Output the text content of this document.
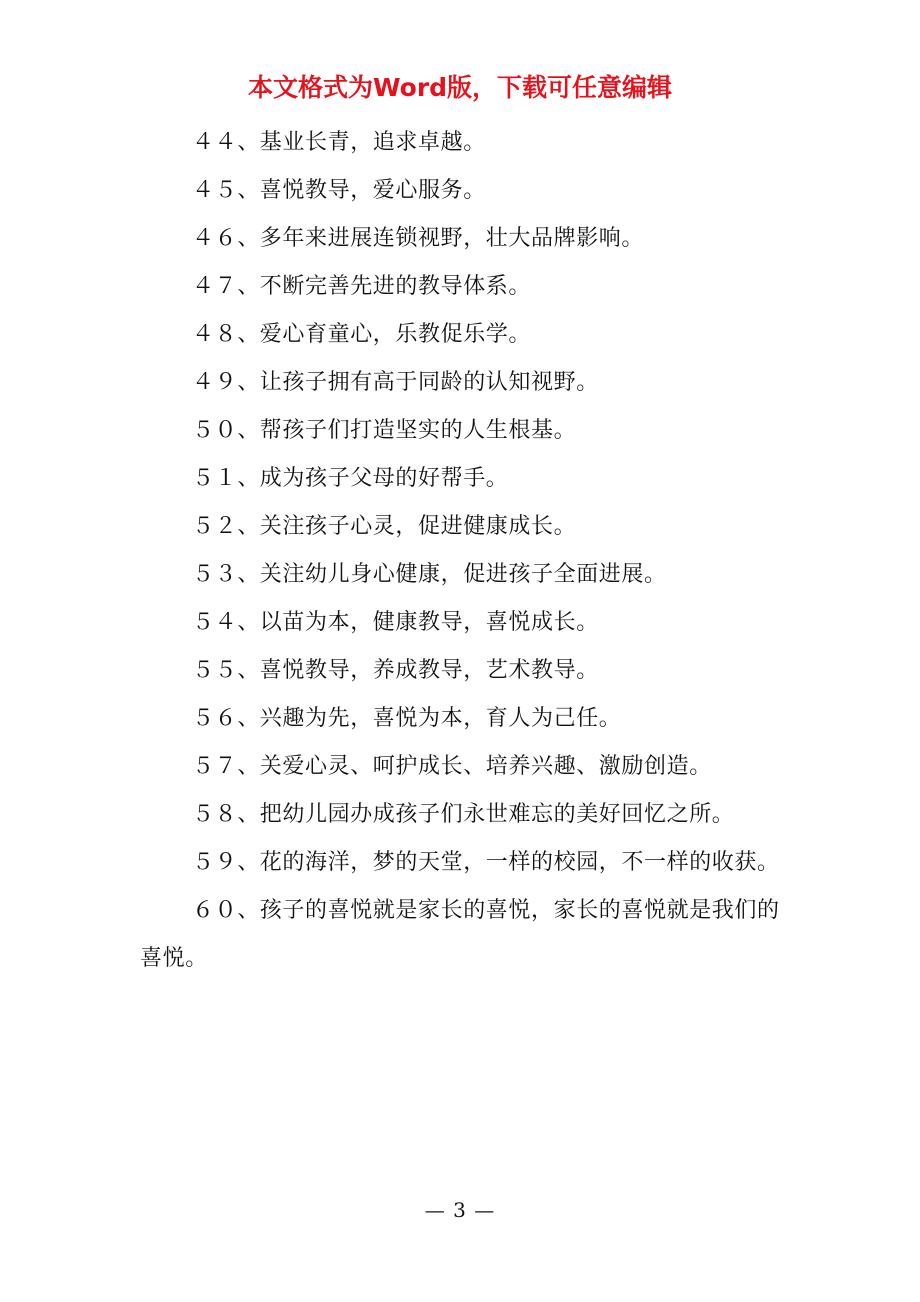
本文格式为Word版，下载可任意编辑

４４、基业长青，追求卓越。

４５、喜悦教导，爱心服务。

４６、多年来进展连锁视野，壮大品牌影响。

４７、不断完善先进的教导体系。

４８、爱心育童心，乐教促乐学。

４９、让孩子拥有高于同龄的认知视野。

５０、帮孩子们打造坚实的人生根基。

５１、成为孩子父母的好帮手。

５２、关注孩子心灵，促进健康成长。

５３、关注幼儿身心健康，促进孩子全面进展。

５４、以苗为本，健康教导，喜悦成长。

５５、喜悦教导，养成教导，艺术教导。

５６、兴趣为先，喜悦为本，育人为己任。

５７、关爱心灵、呵护成长、培养兴趣、激励创造。

５８、把幼儿园办成孩子们永世难忘的美好回忆之所。

５９、花的海洋，梦的天堂，一样的校园，不一样的收获。

６０、孩子的喜悦就是家长的喜悦，家长的喜悦就是我们的喜悦。

— 3 —
